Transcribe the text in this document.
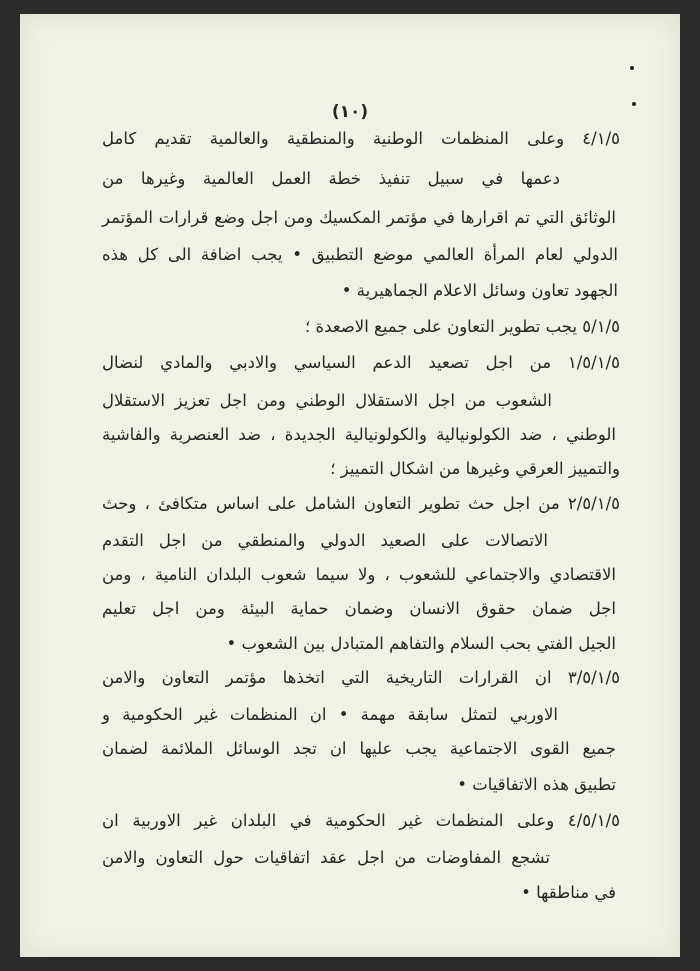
(١٠)
٤/١/٥ وعلى المنظمات الوطنية والمنطقية والعالمية تقديم كامل
دعمها في سبيل تنفيذ خطة العمل العالمية وغيرها من
الوثائق التي تم اقرارها في مؤتمر المكسيك ومن اجل وضع قرارات المؤتمر
الدولي لعام المرأة العالمي موضع التطبيق • يجب اضافة الى كل هذه
الجهود تعاون وسائل الاعلام الجماهيرية •
٥/١/٥ يجب تطوير التعاون على جميع الاصعدة ؛
١/٥/١/٥ من اجل تصعيد الدعم السياسي والادبي والمادي لنضال
الشعوب من اجل الاستقلال الوطني ومن اجل تعزيز الاستقلال
الوطني ، ضد الكولونيالية والكولونيالية الجديدة ، ضد العنصرية والفاشية
والتمييز العرقي وغيرها من اشكال التمييز ؛
٢/٥/١/٥ من اجل حث تطوير التعاون الشامل على اساس متكافئ ، وحث
الاتصالات على الصعيد الدولي والمنطقي من اجل التقدم
الاقتصادي والاجتماعي للشعوب ، ولا سيما شعوب البلدان النامية ، ومن
اجل ضمان حقوق الانسان وضمان حماية البيئة ومن اجل تعليم
الجيل الفتي بحب السلام والتفاهم المتبادل بين الشعوب •
٣/٥/١/٥ ان القرارات التاريخية التي اتخذها مؤتمر التعاون والامن
الاوربي لتمثل سابقة مهمة • ان المنظمات غير الحكومية و
جميع القوى الاجتماعية يجب عليها ان تجد الوسائل الملائمة لضمان
تطبيق هذه الاتفاقيات •
٤/٥/١/٥ وعلى المنظمات غير الحكومية في البلدان غير الاوربية ان
تشجع المفاوضات من اجل عقد اتفاقيات حول التعاون والامن
في مناطقها •
